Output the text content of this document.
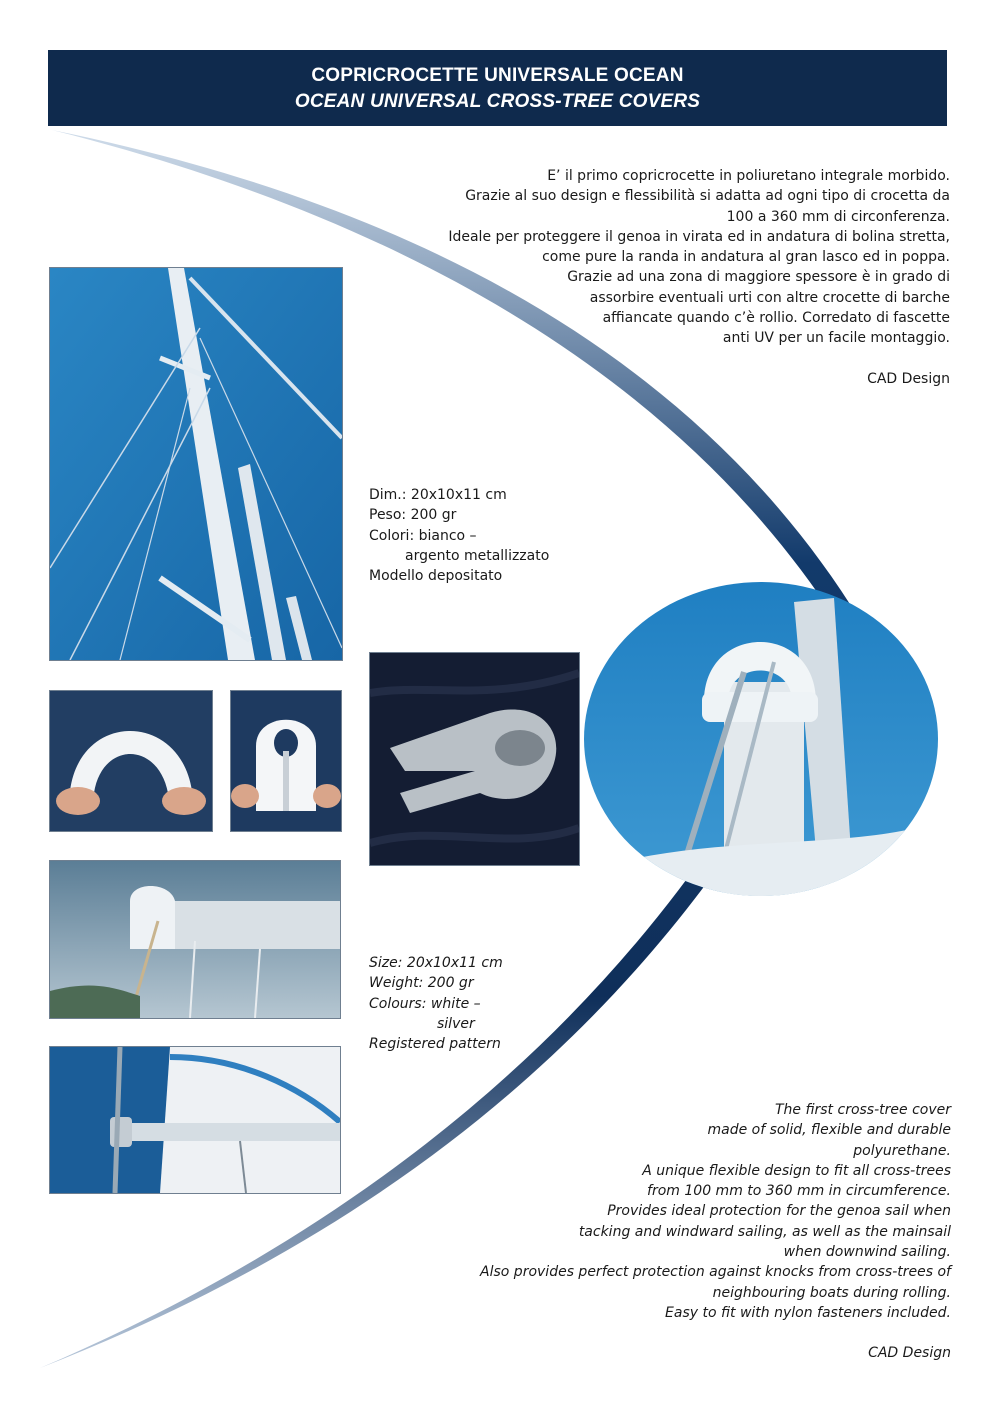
COPRICROCETTE UNIVERSALE OCEAN
OCEAN UNIVERSAL CROSS-TREE COVERS
E’ il primo copricrocette in poliuretano integrale morbido.
Grazie al suo design e flessibilità si adatta ad ogni tipo di crocetta da
100 a 360 mm di circonferenza.
Ideale per proteggere il genoa in virata ed in andatura di bolina stretta,
come pure la randa in andatura al gran lasco ed in poppa.
Grazie ad una zona di maggiore spessore è in grado di
assorbire eventuali urti con altre crocette di barche
affiancate quando c’è rollio. Corredato di fascette
anti UV per un facile montaggio.
CAD Design
Dim.: 20x10x11 cm
Peso: 200 gr
Colori: bianco –
argento metallizzato
Modello depositato
Size: 20x10x11 cm
Weight: 200 gr
Colours: white –
silver
Registered pattern
The first cross-tree cover
made of solid, flexible and durable
polyurethane.
A unique flexible design to fit all cross-trees
from 100 mm to 360 mm in circumference.
Provides ideal protection for the genoa sail when
tacking and windward sailing, as well as the mainsail
when downwind sailing.
Also provides perfect protection against knocks from cross-trees of
neighbouring boats during rolling.
Easy to fit with nylon fasteners included.
CAD Design
